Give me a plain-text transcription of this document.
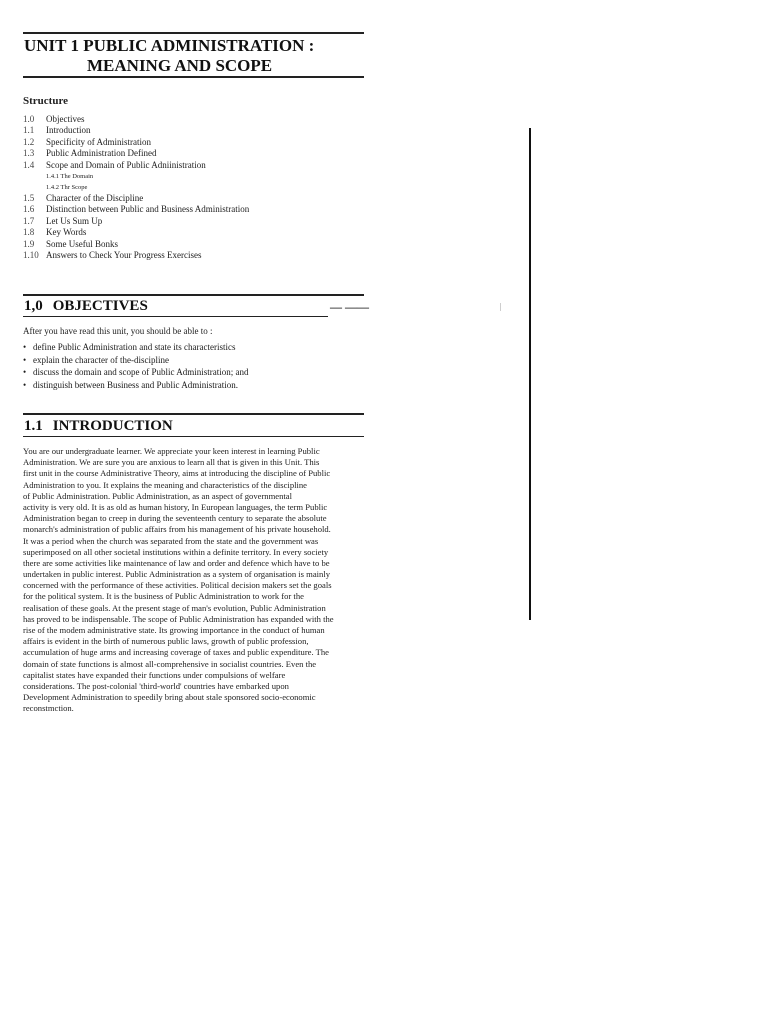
UNIT 1 PUBLIC ADMINISTRATION :
MEANING AND SCOPE
Structure
1.0	Objectives
1.1	Introduction
1.2	Specificity of Administration
1.3	Public Administration Defined
1.4	Scope and Domain of Public Adniinistration
1.4.1 The Domain
1.4.2 Thr Scope
1.5	Character of the Discipline
1.6	Distinction between Public and Business Administration
1.7	Let Us Sum Up
1.8	Key Words
1.9	Some Useful Bonks
1.10 Answers to Check Your Progress Exercises
1,0 OBJECTIVES	— ——
After you have read this unit, you should be able to :
• define Public Administration and state its characteristics
• explain the character of the-discipline
• discuss the domain and scope of Public Administration; and
• distinguish between Business and Public Administration.
1.1 INTRODUCTION
You are our undergraduate learner. We appreciate your keen interest in learning Public
Administration. We are sure you are anxious to learn all that is given in this Unit. This
first unit in the course Administrative Theory, aims at introducing the discipline of Public
Administration to you. It explains the meaning and characteristics of the discipline
of Public Administration. Public Administration, as an aspect of governmental
activity is very old. It is as old as human history, In European languages, the term Public
Administration began to creep in during the seventeenth century to separate the absolute
monarch's administration of public affairs from his management of his private household.
It was a period when the church was separated from the state and the government was
superimposed on all other societal institutions within a definite territory. In every society
there are some activities like maintenance of law and order and defence which have to be
undertaken in public interest. Public Administration as a system of organisation is mainly
concerned with the performance of these activities. Political decision makers set the goals
for the political system. It is the business of Public Administration to work for the
realisation of these goals. At the present stage of man's evolution, Public Administration
has proved to be indispensable. The scope of Public Administration has expanded with the
rise of the modem administrative state. Its growing importance in the conduct of human
affairs is evident in the birth of numerous public laws, growth of public profession,
accumulation of huge arms and increasing coverage of taxes and public expenditure. The
domain of state functions is almost all-comprehensive in socialist countries. Even the
capitalist states have expanded their functions under compulsions of welfare
considerations. The post-colonial 'third-world' countries have embarked upon
Development Administration to speedily bring about stale sponsored socio-economic
reconstmction.
|
